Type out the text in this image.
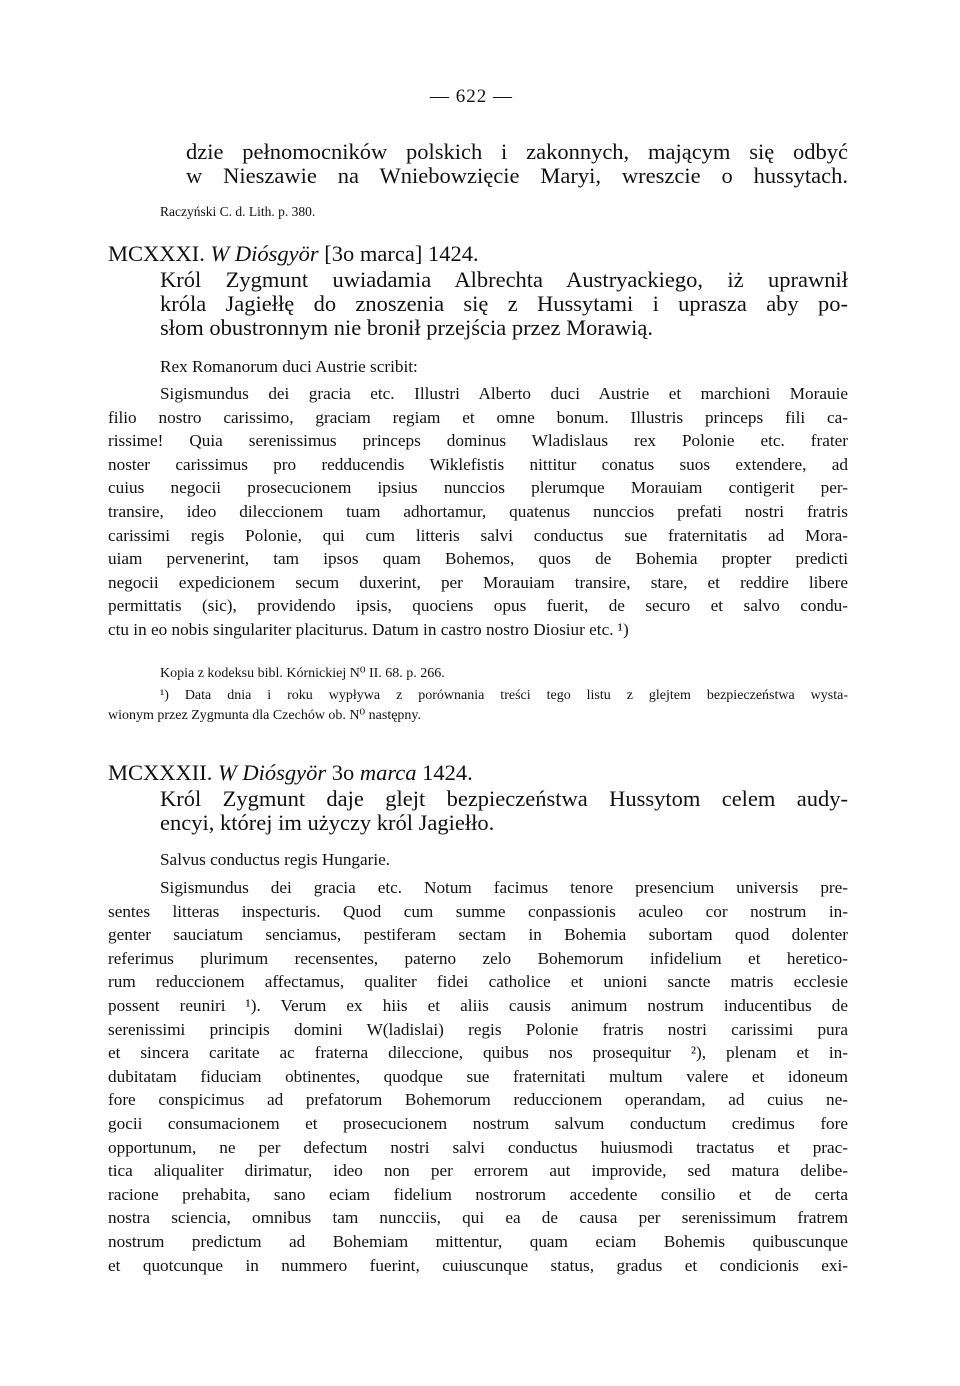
— 622 —
dzie pełnomocników polskich i zakonnych, mającym się odbyć
w Nieszawie na Wniebowzięcie Maryi, wreszcie o hussytach.
Raczyński C. d. Lith. p. 380.
MCXXXI. W Diósgyör [3o marca] 1424.
Król Zygmunt uwiadamia Albrechta Austryackiego, iż uprawnił
króla Jagiełłę do znoszenia się z Hussytami i uprasza aby po-
słom obustronnym nie bronił przejścia przez Morawią.
Rex Romanorum duci Austrie scribit:
Sigismundus dei gracia etc. Illustri Alberto duci Austrie et marchioni Morauie
filio nostro carissimo, graciam regiam et omne bonum. Illustris princeps fili ca-
rissime! Quia serenissimus princeps dominus Wladislaus rex Polonie etc. frater
noster carissimus pro redducendis Wiklefistis nittitur conatus suos extendere, ad
cuius negocii prosecucionem ipsius nunccios plerumque Morauiam contigerit per-
transire, ideo dileccionem tuam adhortamur, quatenus nunccios prefati nostri fratris
carissimi regis Polonie, qui cum litteris salvi conductus sue fraternitatis ad Mora-
uiam pervenerint, tam ipsos quam Bohemos, quos de Bohemia propter predicti
negocii expedicionem secum duxerint, per Morauiam transire, stare, et reddire libere
permittatis (sic), providendo ipsis, quociens opus fuerit, de securo et salvo condu-
ctu in eo nobis singulariter placiturus. Datum in castro nostro Diosiur etc. ¹)
Kopia z kodeksu bibl. Kórnickiej N⁰ II. 68. p. 266.
¹) Data dnia i roku wypływa z porównania treści tego listu z glejtem bezpieczeństwa wysta-
wionym przez Zygmunta dla Czechów ob. N⁰ następny.
MCXXXII. W Diósgyör 3o marca 1424.
Król Zygmunt daje glejt bezpieczeństwa Hussytom celem audy-
encyi, której im użyczy król Jagiełło.
Salvus conductus regis Hungarie.
Sigismundus dei gracia etc. Notum facimus tenore presencium universis pre-
sentes litteras inspecturis. Quod cum summe conpassionis aculeo cor nostrum in-
genter sauciatum senciamus, pestiferam sectam in Bohemia subortam quod dolenter
referimus plurimum recensentes, paterno zelo Bohemorum infidelium et heretico-
rum reduccionem affectamus, qualiter fidei catholice et unioni sancte matris ecclesie
possent reuniri ¹). Verum ex hiis et aliis causis animum nostrum inducentibus de
serenissimi principis domini W(ladislai) regis Polonie fratris nostri carissimi pura
et sincera caritate ac fraterna dileccione, quibus nos prosequitur ²), plenam et in-
dubitatam fiduciam obtinentes, quodque sue fraternitati multum valere et idoneum
fore conspicimus ad prefatorum Bohemorum reduccionem operandam, ad cuius ne-
gocii consumacionem et prosecucionem nostrum salvum conductum credimus fore
opportunum, ne per defectum nostri salvi conductus huiusmodi tractatus et prac-
tica aliqualiter dirimatur, ideo non per errorem aut improvide, sed matura delibe-
racione prehabita, sano eciam fidelium nostrorum accedente consilio et de certa
nostra sciencia, omnibus tam nuncciis, qui ea de causa per serenissimum fratrem
nostrum predictum ad Bohemiam mittentur, quam eciam Bohemis quibuscunque
et quotcunque in nummero fuerint, cuiuscunque status, gradus et condicionis exi-
